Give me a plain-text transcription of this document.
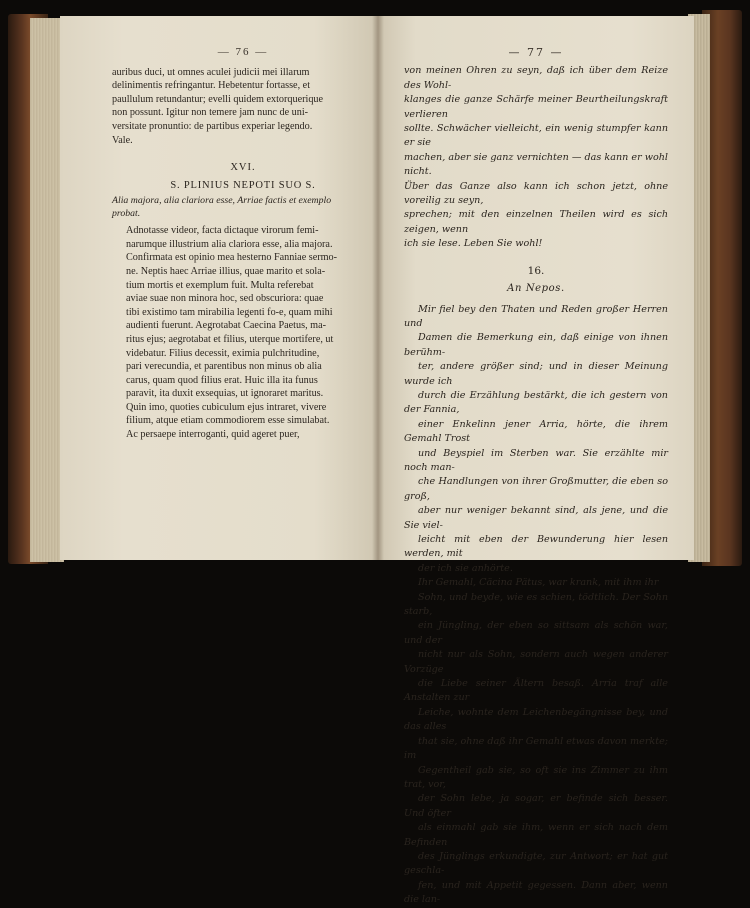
— 76 —

auribus duci, ut omnes aculei judicii mei illarum
delinimentis refringantur. Hebetentur fortasse, et
paullulum retundantur; evelli quidem extorquerique
non possunt. Igitur non temere jam nunc de uni-
versitate pronuntio: de partibus experiar legendo.
Vale.

XVI.

S. PLINIUS NEPOTI SUO S.

Alia majora, alia clariora esse, Arriae factis et exemplo
probat.

Adnotasse videor, facta dictaque virorum femi-
narumque illustrium alia clariora esse, alia majora.
Confirmata est opinio mea hesterno Fanniae sermo-
ne. Neptis haec Arriae illius, quae marito et sola-
tium mortis et exemplum fuit. Multa referebat
aviae suae non minora hoc, sed obscuriora: quae
tibi existimo tam mirabilia legenti fo-e, quam mihi
audienti fuerunt. Aegrotabat Caecina Paetus, ma-
ritus ejus; aegrotabat et filius, uterque mortifere, ut
videbatur. Filius decessit, eximia pulchritudine,
pari verecundia, et parentibus non minus ob alia
carus, quam quod filius erat. Huic illa ita funus
paravit, ita duxit exsequias, ut ignoraret maritus.
Quin imo, quoties cubiculum ejus intraret, vivere
filium, atque etiam commodiorem esse simulabat.
Ac persaepe interroganti, quid ageret puer,

— 77 —

von meinen Ohren zu seyn, daß ich über dem Reize des Wohl-
klanges die ganze Schärfe meiner Beurtheilungskraft verlieren
sollte. Schwächer vielleicht, ein wenig stumpfer kann er sie
machen, aber sie ganz vernichten — das kann er wohl nicht.
Über das Ganze also kann ich schon jetzt, ohne voreilig zu seyn,
sprechen; mit den einzelnen Theilen wird es sich zeigen, wenn
ich sie lese. Leben Sie wohl!

16.

An Nepos.

Mir fiel bey den Thaten und Reden großer Herren und
Damen die Bemerkung ein, daß einige von ihnen berühm-
ter, andere größer sind; und in dieser Meinung wurde ich
durch die Erzählung bestärkt, die ich gestern von der Fannia,
einer Enkelinn jener Arria, hörte, die ihrem Gemahl Trost
und Beyspiel im Sterben war. Sie erzählte mir noch man-
che Handlungen von ihrer Großmutter, die eben so groß,
aber nur weniger bekannt sind, als jene, und die Sie viel-
leicht mit eben der Bewunderung hier lesen werden, mit
der ich sie anhörte.

Ihr Gemahl, Cäcina Pätus, war krank, mit ihm ihr
Sohn, und beyde, wie es schien, tödtlich. Der Sohn starb,
ein Jüngling, der eben so sittsam als schön war, und der
nicht nur als Sohn, sondern auch wegen anderer Vorzüge
die Liebe seiner Ältern besaß. Arria traf alle Anstalten zur
Leiche, wohnte dem Leichenbegängnisse bey, und das alles
that sie, ohne daß ihr Gemahl etwas davon merkte; im
Gegentheil gab sie, so oft sie ins Zimmer zu ihm trat, vor,
der Sohn lebe, ja sogar, er befinde sich besser. Und öfter
als einmahl gab sie ihm, wenn er sich nach dem Befinden
des Jünglings erkundigte, zur Antwort; er hat gut geschla-
fen, und mit Appetit gegessen. Dann aber, wenn die lan-
